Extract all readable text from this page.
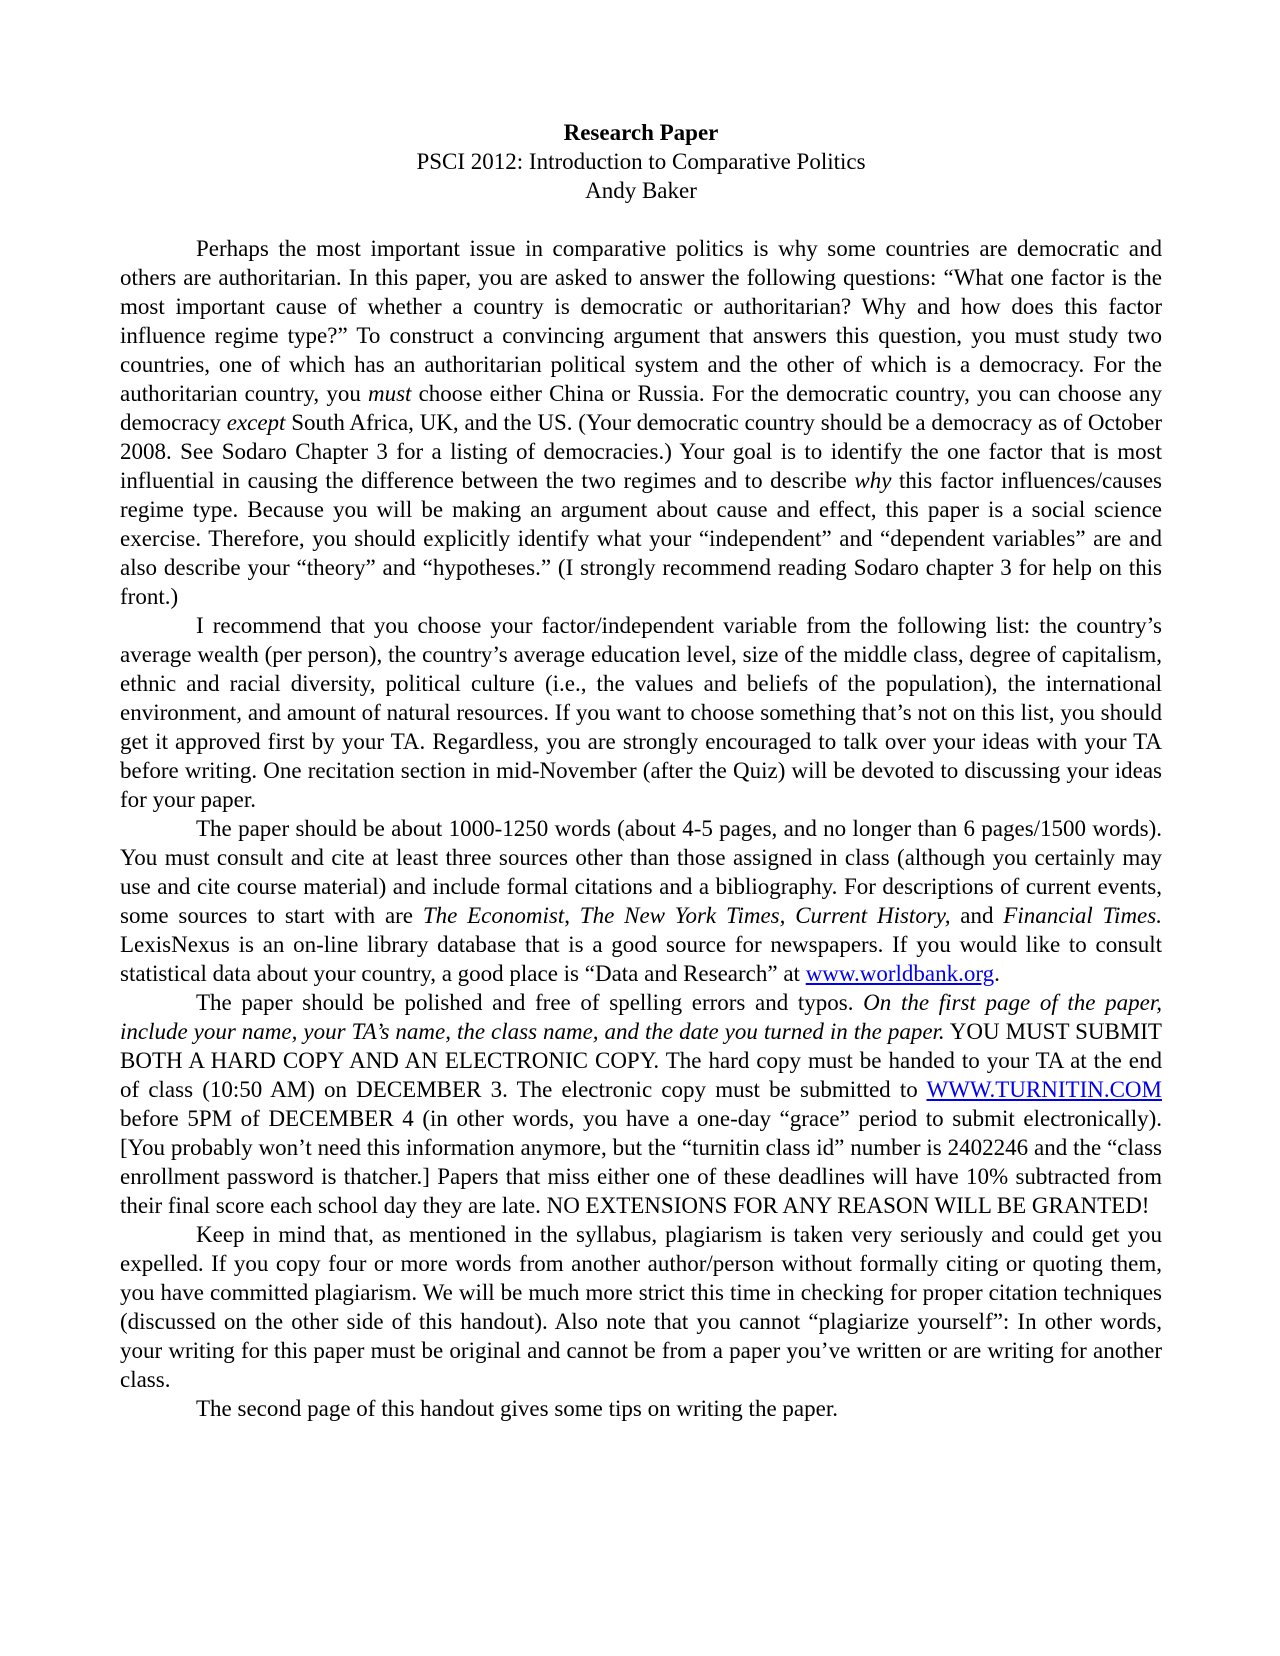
Research Paper
PSCI 2012: Introduction to Comparative Politics
Andy Baker

Perhaps the most important issue in comparative politics is why some countries are democratic and others are authoritarian. In this paper, you are asked to answer the following questions: “What one factor is the most important cause of whether a country is democratic or authoritarian? Why and how does this factor influence regime type?” To construct a convincing argument that answers this question, you must study two countries, one of which has an authoritarian political system and the other of which is a democracy. For the authoritarian country, you must choose either China or Russia. For the democratic country, you can choose any democracy except South Africa, UK, and the US. (Your democratic country should be a democracy as of October 2008. See Sodaro Chapter 3 for a listing of democracies.) Your goal is to identify the one factor that is most influential in causing the difference between the two regimes and to describe why this factor influences/causes regime type. Because you will be making an argument about cause and effect, this paper is a social science exercise. Therefore, you should explicitly identify what your “independent” and “dependent variables” are and also describe your “theory” and “hypotheses.” (I strongly recommend reading Sodaro chapter 3 for help on this front.)

I recommend that you choose your factor/independent variable from the following list: the country’s average wealth (per person), the country’s average education level, size of the middle class, degree of capitalism, ethnic and racial diversity, political culture (i.e., the values and beliefs of the population), the international environment, and amount of natural resources. If you want to choose something that’s not on this list, you should get it approved first by your TA. Regardless, you are strongly encouraged to talk over your ideas with your TA before writing. One recitation section in mid-November (after the Quiz) will be devoted to discussing your ideas for your paper.

The paper should be about 1000-1250 words (about 4-5 pages, and no longer than 6 pages/1500 words). You must consult and cite at least three sources other than those assigned in class (although you certainly may use and cite course material) and include formal citations and a bibliography. For descriptions of current events, some sources to start with are The Economist, The New York Times, Current History, and Financial Times. LexisNexus is an on-line library database that is a good source for newspapers. If you would like to consult statistical data about your country, a good place is “Data and Research” at www.worldbank.org.

The paper should be polished and free of spelling errors and typos. On the first page of the paper, include your name, your TA’s name, the class name, and the date you turned in the paper. YOU MUST SUBMIT BOTH A HARD COPY AND AN ELECTRONIC COPY. The hard copy must be handed to your TA at the end of class (10:50 AM) on DECEMBER 3. The electronic copy must be submitted to WWW.TURNITIN.COM before 5PM of DECEMBER 4 (in other words, you have a one-day “grace” period to submit electronically). [You probably won’t need this information anymore, but the “turnitin class id” number is 2402246 and the “class enrollment password is thatcher.] Papers that miss either one of these deadlines will have 10% subtracted from their final score each school day they are late. NO EXTENSIONS FOR ANY REASON WILL BE GRANTED!

Keep in mind that, as mentioned in the syllabus, plagiarism is taken very seriously and could get you expelled. If you copy four or more words from another author/person without formally citing or quoting them, you have committed plagiarism. We will be much more strict this time in checking for proper citation techniques (discussed on the other side of this handout). Also note that you cannot “plagiarize yourself”: In other words, your writing for this paper must be original and cannot be from a paper you’ve written or are writing for another class.

The second page of this handout gives some tips on writing the paper.
